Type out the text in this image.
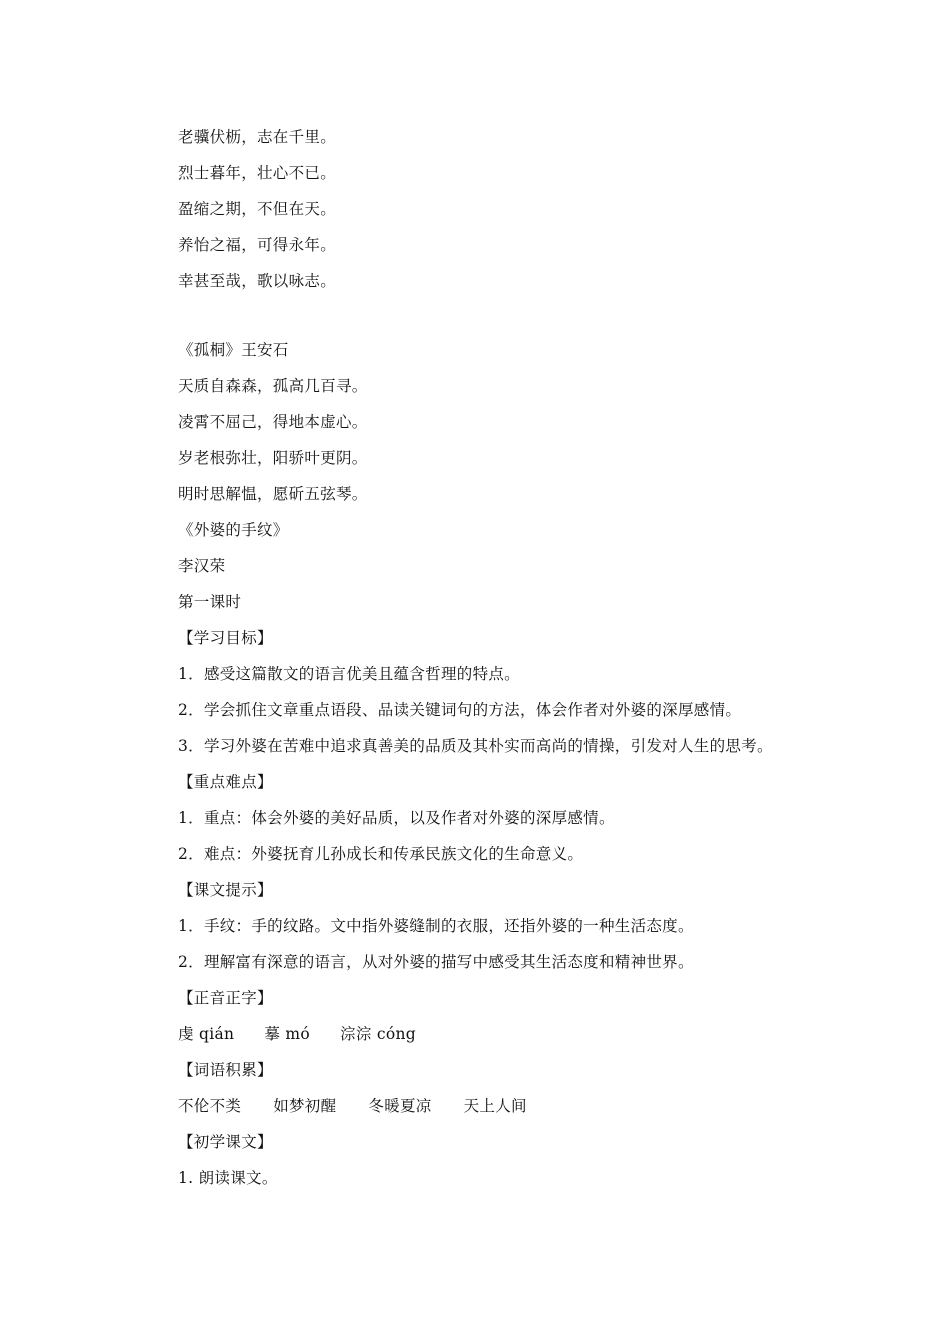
老骥伏枥，志在千里。
烈士暮年，壮心不已。
盈缩之期，不但在天。
养怡之福，可得永年。
幸甚至哉，歌以咏志。
《孤桐》王安石
天质自森森，孤高几百寻。
凌霄不屈己，得地本虚心。
岁老根弥壮，阳骄叶更阴。
明时思解愠，愿斫五弦琴。
《外婆的手纹》
李汉荣
第一课时
【学习目标】
1．感受这篇散文的语言优美且蕴含哲理的特点。
2．学会抓住文章重点语段、品读关键词句的方法，体会作者对外婆的深厚感情。
3．学习外婆在苦难中追求真善美的品质及其朴实而高尚的情操，引发对人生的思考。
【重点难点】
1．重点：体会外婆的美好品质，以及作者对外婆的深厚感情。
2．难点：外婆抚育儿孙成长和传承民族文化的生命意义。
【课文提示】
1．手纹：手的纹路。文中指外婆缝制的衣服，还指外婆的一种生活态度。
2．理解富有深意的语言，从对外婆的描写中感受其生活态度和精神世界。
【正音正字】
虔 qián 摹 mó 淙淙 cóng
【词语积累】
不伦不类 如梦初醒 冬暖夏凉 天上人间
【初学课文】
1. 朗读课文。
